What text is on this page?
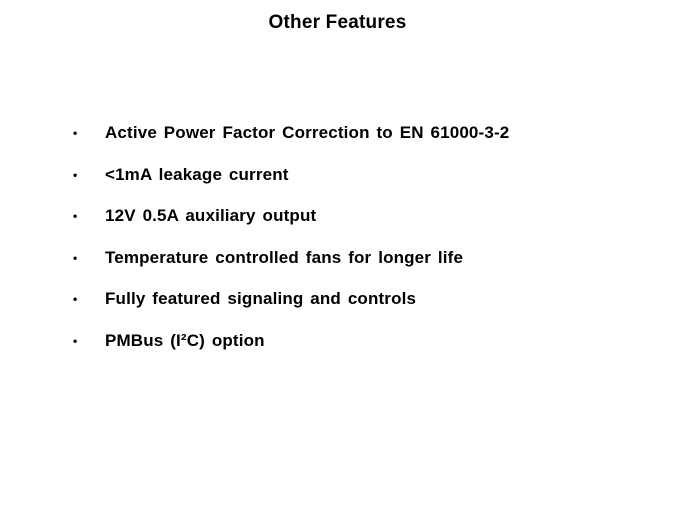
Other Features
• Active Power Factor Correction to EN 61000-3-2
• <1mA leakage current
• 12V 0.5A auxiliary output
• Temperature controlled fans for longer life
• Fully featured signaling and controls
• PMBus (I²C) option
